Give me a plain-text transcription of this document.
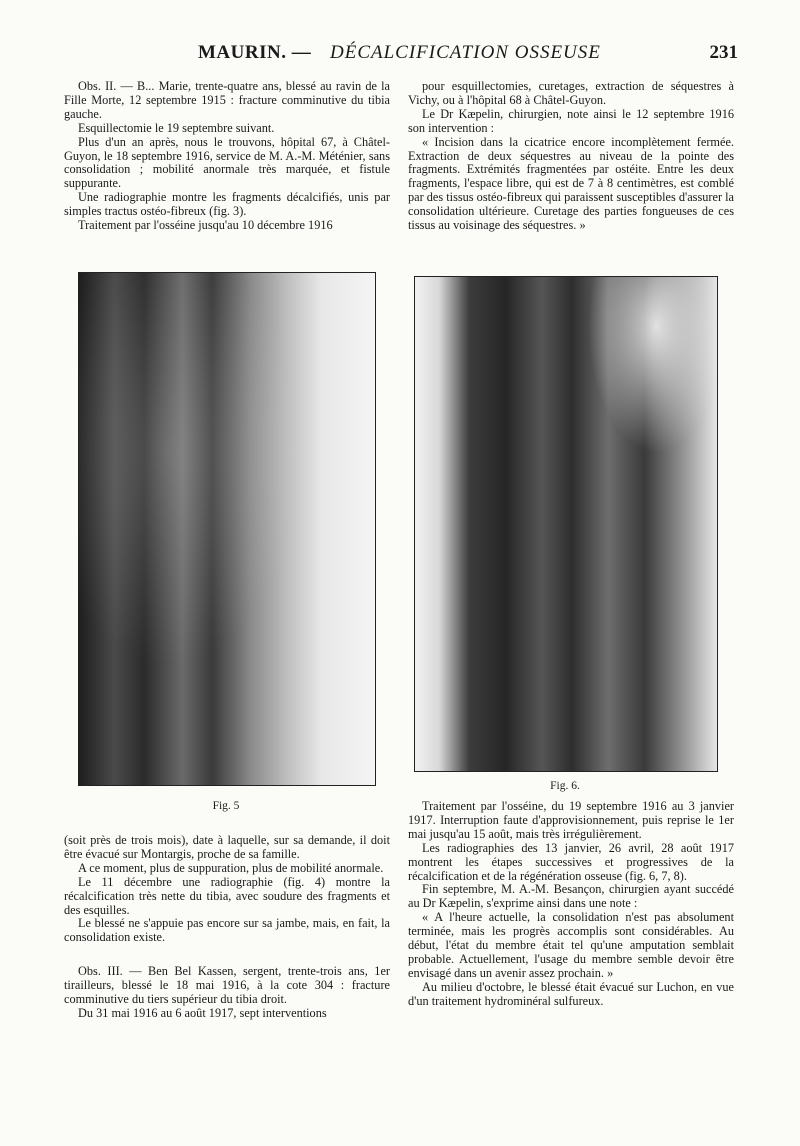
MAURIN. — DÉCALCIFICATION OSSEUSE	231

Obs. II. — B... Marie, trente-quatre ans, blessé au ravin de la Fille Morte, 12 septembre 1915 : fracture comminutive du tibia gauche.

Esquillectomie le 19 septembre suivant.

Plus d'un an après, nous le trouvons, hôpital 67, à Châtel-Guyon, le 18 septembre 1916, service de M. A.-M. Méténier, sans consolidation ; mobilité anormale très marquée, et fistule suppurante.

Une radiographie montre les fragments décalcifiés, unis par simples tractus ostéo-fibreux (fig. 3).

Traitement par l'osséine jusqu'au 10 décembre 1916

pour esquillectomies, curetages, extraction de séquestres à Vichy, ou à l'hôpital 68 à Châtel-Guyon.

Le Dr Kæpelin, chirurgien, note ainsi le 12 septembre 1916 son intervention :

« Incision dans la cicatrice encore incomplètement fermée. Extraction de deux séquestres au niveau de la pointe des fragments. Extrémités fragmentées par ostéite. Entre les deux fragments, l'espace libre, qui est de 7 à 8 centimètres, est comblé par des tissus ostéo-fibreux qui paraissent susceptibles d'assurer la consolidation ultérieure. Curetage des parties fongueuses de ces tissus au voisinage des séquestres. »

Fig. 5
Fig. 6.

(soit près de trois mois), date à laquelle, sur sa demande, il doit être évacué sur Montargis, proche de sa famille.

A ce moment, plus de suppuration, plus de mobilité anormale.

Le 11 décembre une radiographie (fig. 4) montre la récalcification très nette du tibia, avec soudure des fragments et des esquilles.

Le blessé ne s'appuie pas encore sur sa jambe, mais, en fait, la consolidation existe.

Obs. III. — Ben Bel Kassen, sergent, trente-trois ans, 1er tirailleurs, blessé le 18 mai 1916, à la cote 304 : fracture comminutive du tiers supérieur du tibia droit.

Du 31 mai 1916 au 6 août 1917, sept interventions

Traitement par l'osséine, du 19 septembre 1916 au 3 janvier 1917. Interruption faute d'approvisionnement, puis reprise le 1er mai jusqu'au 15 août, mais très irrégulièrement.

Les radiographies des 13 janvier, 26 avril, 28 août 1917 montrent les étapes successives et progressives de la récalcification et de la régénération osseuse (fig. 6, 7, 8).

Fin septembre, M. A.-M. Besançon, chirurgien ayant succédé au Dr Kæpelin, s'exprime ainsi dans une note :

« A l'heure actuelle, la consolidation n'est pas absolument terminée, mais les progrès accomplis sont considérables. Au début, l'état du membre était tel qu'une amputation semblait probable. Actuellement, l'usage du membre semble devoir être envisagé dans un avenir assez prochain. »

Au milieu d'octobre, le blessé était évacué sur Luchon, en vue d'un traitement hydrominéral sulfureux.
